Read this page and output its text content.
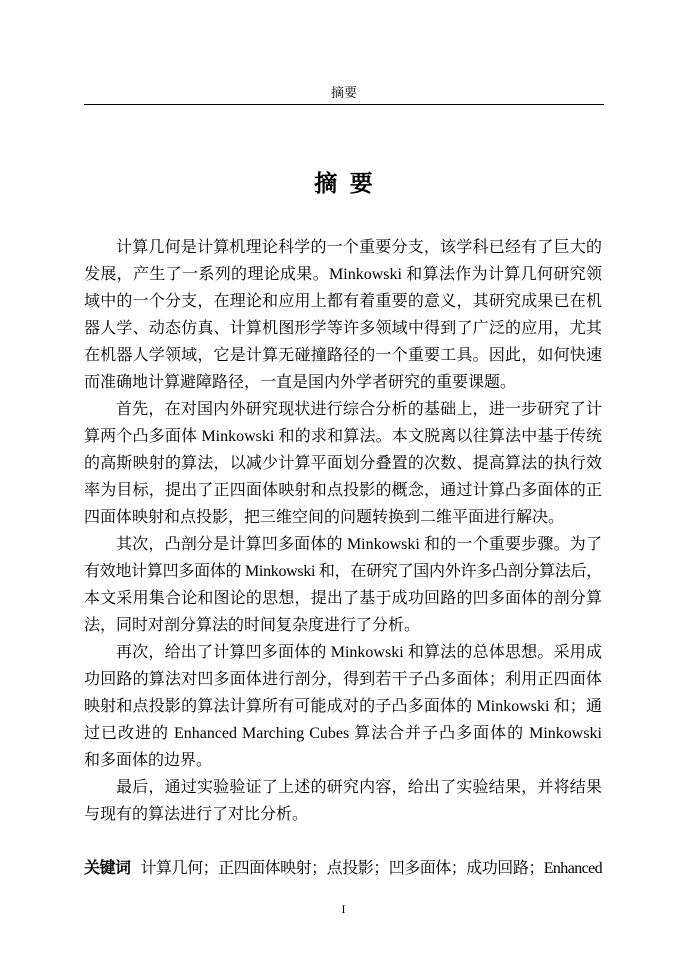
摘要
摘 要
计算几何是计算机理论科学的一个重要分支，该学科已经有了巨大的
发展，产生了一系列的理论成果。Minkowski 和算法作为计算几何研究领
域中的一个分支，在理论和应用上都有着重要的意义，其研究成果已在机
器人学、动态仿真、计算机图形学等许多领域中得到了广泛的应用，尤其
在机器人学领域，它是计算无碰撞路径的一个重要工具。因此，如何快速
而准确地计算避障路径，一直是国内外学者研究的重要课题。
首先，在对国内外研究现状进行综合分析的基础上，进一步研究了计
算两个凸多面体 Minkowski 和的求和算法。本文脱离以往算法中基于传统
的高斯映射的算法，以减少计算平面划分叠置的次数、提高算法的执行效
率为目标，提出了正四面体映射和点投影的概念，通过计算凸多面体的正
四面体映射和点投影，把三维空间的问题转换到二维平面进行解决。
其次，凸剖分是计算凹多面体的 Minkowski 和的一个重要步骤。为了
有效地计算凹多面体的 Minkowski 和，在研究了国内外许多凸剖分算法后，
本文采用集合论和图论的思想，提出了基于成功回路的凹多面体的剖分算
法，同时对剖分算法的时间复杂度进行了分析。
再次，给出了计算凹多面体的 Minkowski 和算法的总体思想。采用成
功回路的算法对凹多面体进行剖分，得到若干子凸多面体；利用正四面体
映射和点投影的算法计算所有可能成对的子凸多面体的 Minkowski 和；通
过已改进的 Enhanced Marching Cubes 算法合并子凸多面体的 Minkowski
和多面体的边界。
最后，通过实验验证了上述的研究内容，给出了实验结果，并将结果
与现有的算法进行了对比分析。
关键词 计算几何；正四面体映射；点投影；凹多面体；成功回路；Enhanced
I
